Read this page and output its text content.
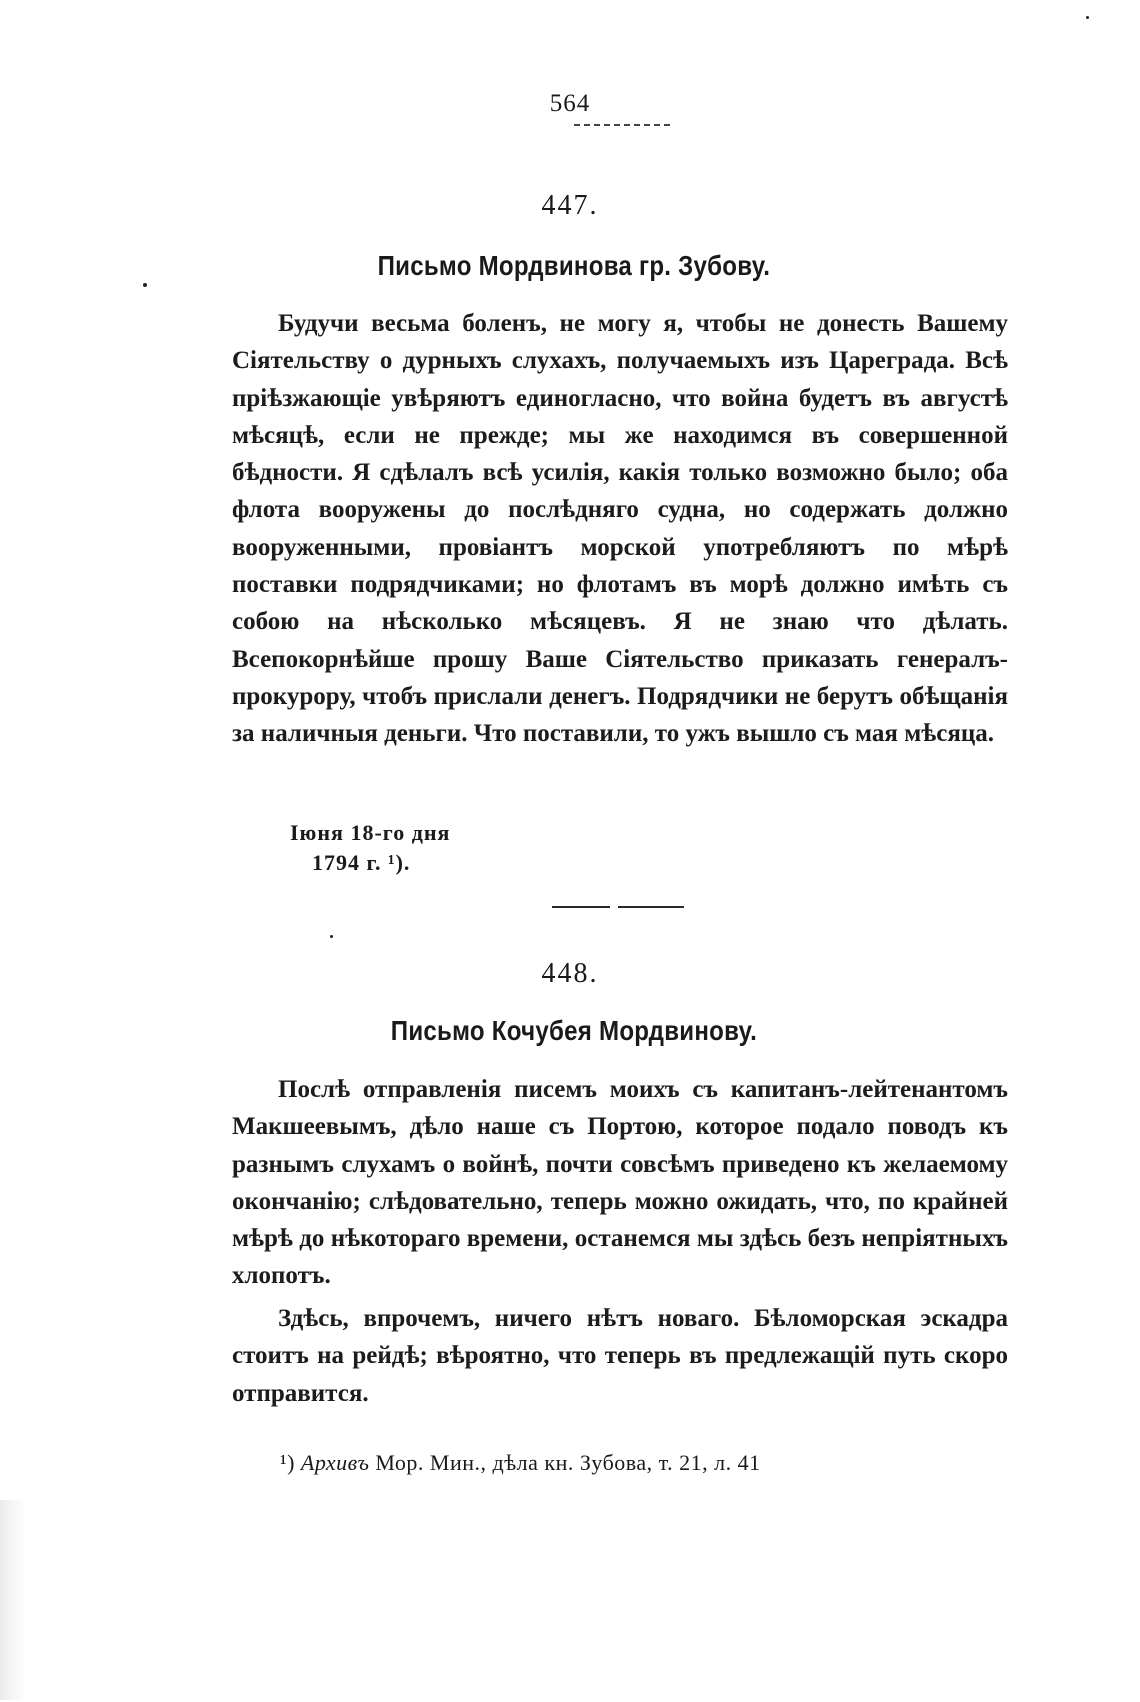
564
447.
Письмо Мордвинова гр. Зубову.

Будучи весьма боленъ, не могу я, чтобы не донесть Вашему Сіятельству о дурныхъ слухахъ, получаемыхъ изъ Цареграда. Всѣ пріѣзжающіе увѣряютъ единогласно, что война будетъ въ августѣ мѣсяцѣ, если не прежде; мы же находимся въ совершенной бѣдности. Я сдѣлалъ всѣ усилія, какія только возможно было; оба флота вооружены до послѣдняго судна, но содержать должно вооруженными, провіантъ морской употребляютъ по мѣрѣ поставки подрядчиками; но флотамъ въ морѣ должно имѣть съ собою на нѣсколько мѣсяцевъ. Я не знаю что дѣлать. Всепокорнѣйше прошу Ваше Сіятельство приказать генералъ-прокурору, чтобъ прислали денегъ. Подрядчики не берутъ обѣщанія за наличныя деньги. Что поставили, то ужъ вышло съ мая мѣсяца.

Іюня 18-го дня
1794 г. ¹).
448.
Письмо Кочубея Мордвинову.

Послѣ отправленія писемъ моихъ съ капитанъ-лейтенантомъ Макшеевымъ, дѣло наше съ Портою, которое подало поводъ къ разнымъ слухамъ о войнѣ, почти совсѣмъ приведено къ желаемому окончанію; слѣдовательно, теперь можно ожидать, что, по крайней мѣрѣ до нѣкотораго времени, останемся мы здѣсь безъ непріятныхъ хлопотъ.

Здѣсь, впрочемъ, ничего нѣтъ новаго. Бѣломорская эскадра стоитъ на рейдѣ; вѣроятно, что теперь въ предлежащій путь скоро отправится.

¹) Архивъ Мор. Мин., дѣла кн. Зубова, т. 21, л. 41
